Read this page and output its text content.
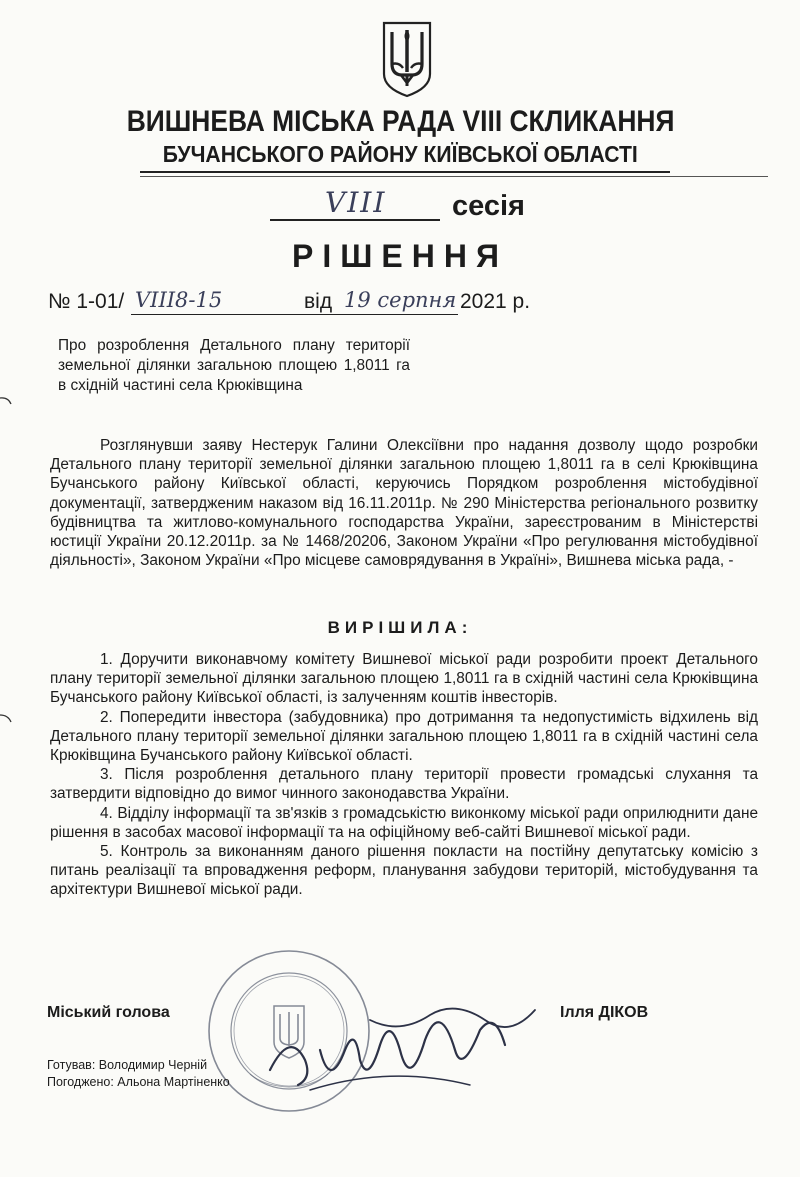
ВИШНЕВА МІСЬКА РАДА VIII СКЛИКАННЯ
БУЧАНСЬКОГО РАЙОНУ КИЇВСЬКОЇ ОБЛАСТІ
VIII сесія
РІШЕННЯ
№ 1-01/ VIII8-15	від 19 серпня 2021 р.

Про розроблення Детального плану території земельної ділянки загальною площею 1,8011 га в східній частині села Крюківщина

Розглянувши заяву Нестерук Галини Олексіївни про надання дозволу щодо розробки Детального плану території земельної ділянки загальною площею 1,8011 га в селі Крюківщина Бучанського району Київської області, керуючись Порядком розроблення містобудівної документації, затвердженим наказом від 16.11.2011р. № 290 Міністерства регіонального розвитку будівництва та житлово-комунального господарства України, зареєстрованим в Міністерстві юстиції України 20.12.2011р. за № 1468/20206, Законом України «Про регулювання містобудівної діяльності», Законом України «Про місцеве самоврядування в Україні», Вишнева міська рада, -

ВИРІШИЛА:

1. Доручити виконавчому комітету Вишневої міської ради розробити проект Детального плану території земельної ділянки загальною площею 1,8011 га в східній частині села Крюківщина Бучанського району Київської області, із залученням коштів інвесторів.

2. Попередити інвестора (забудовника) про дотримання та недопустимість відхилень від Детального плану території земельної ділянки загальною площею 1,8011 га в східній частині села Крюківщина Бучанського району Київської області.

3. Після розроблення детального плану території провести громадські слухання та затвердити відповідно до вимог чинного законодавства України.

4. Відділу інформації та зв'язків з громадськістю виконкому міської ради оприлюднити дане рішення в засобах масової інформації та на офіційному веб-сайті Вишневої міської ради.

5. Контроль за виконанням даного рішення покласти на постійну депутатську комісію з питань реалізації та впровадження реформ, планування забудови територій, містобудування та архітектури Вишневої міської ради.

Міський голова	Ілля ДІКОВ
Готував: Володимир Черній
Погоджено: Альона Мартіненко
